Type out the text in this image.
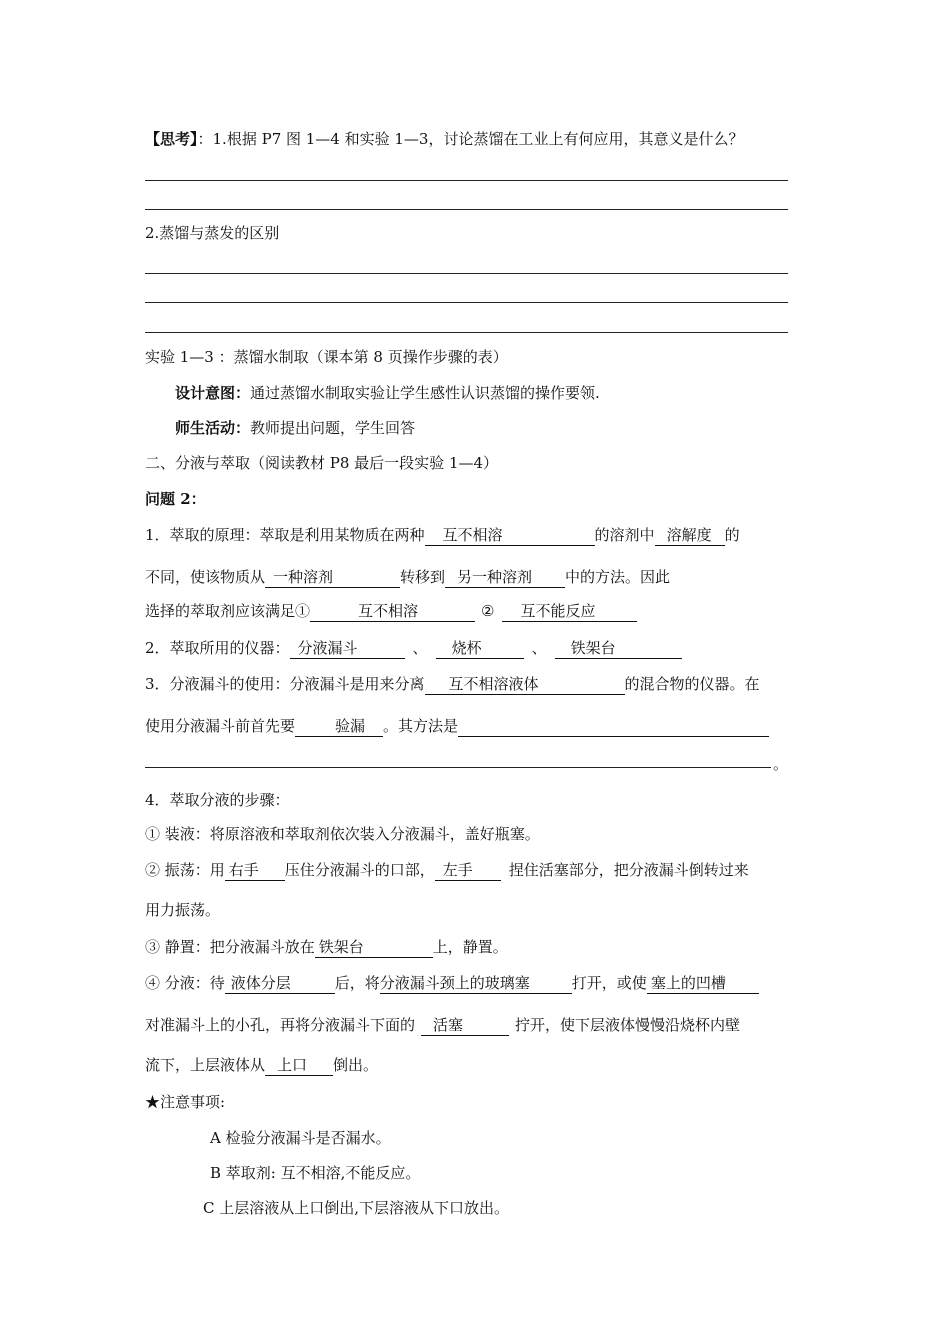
【思考】：1.根据 P7 图 1—4 和实验 1—3，讨论蒸馏在工业上有何应用，其意义是什么？
2.蒸馏与蒸发的区别
实验 1—3 ：蒸馏水制取（课本第 8 页操作步骤的表）
设计意图：通过蒸馏水制取实验让学生感性认识蒸馏的操作要领.
师生活动：教师提出问题，学生回答
二、分液与萃取（阅读教材 P8 最后一段实验 1—4）
问题 2：
1．萃取的原理：萃取是利用某物质在两种 互不相溶	的溶剂中 溶解度 的
不同，使该物质从 一种溶剂	转移到 另一种溶剂 中的方法。因此
选择的萃取剂应该满足①	互不相溶	② 互不能反应
2．萃取所用的仪器： 分液漏斗	、 烧杯	、 铁架台
3．分液漏斗的使用：分液漏斗是用来分离 互不相溶液体	的混合物的仪器。在
使用分液漏斗前首先要	验漏 。其方法是
。
4．萃取分液的步骤：
① 装液：将原溶液和萃取剂依次装入分液漏斗，盖好瓶塞。
② 振荡：用 右手 压住分液漏斗的口部， 左手 捏住活塞部分，把分液漏斗倒转过来
用力振荡。
③ 静置：把分液漏斗放在 铁架台	上，静置。
④ 分液：待 液体分层	后，将分液漏斗颈上的玻璃塞	打开，或使 塞上的凹槽
对准漏斗上的小孔，再将分液漏斗下面的 活塞	拧开，使下层液体慢慢沿烧杯内壁
流下，上层液体从 上口 倒出。
★注意事项:
A 检验分液漏斗是否漏水。
B 萃取剂: 互不相溶,不能反应。
C 上层溶液从上口倒出,下层溶液从下口放出。
